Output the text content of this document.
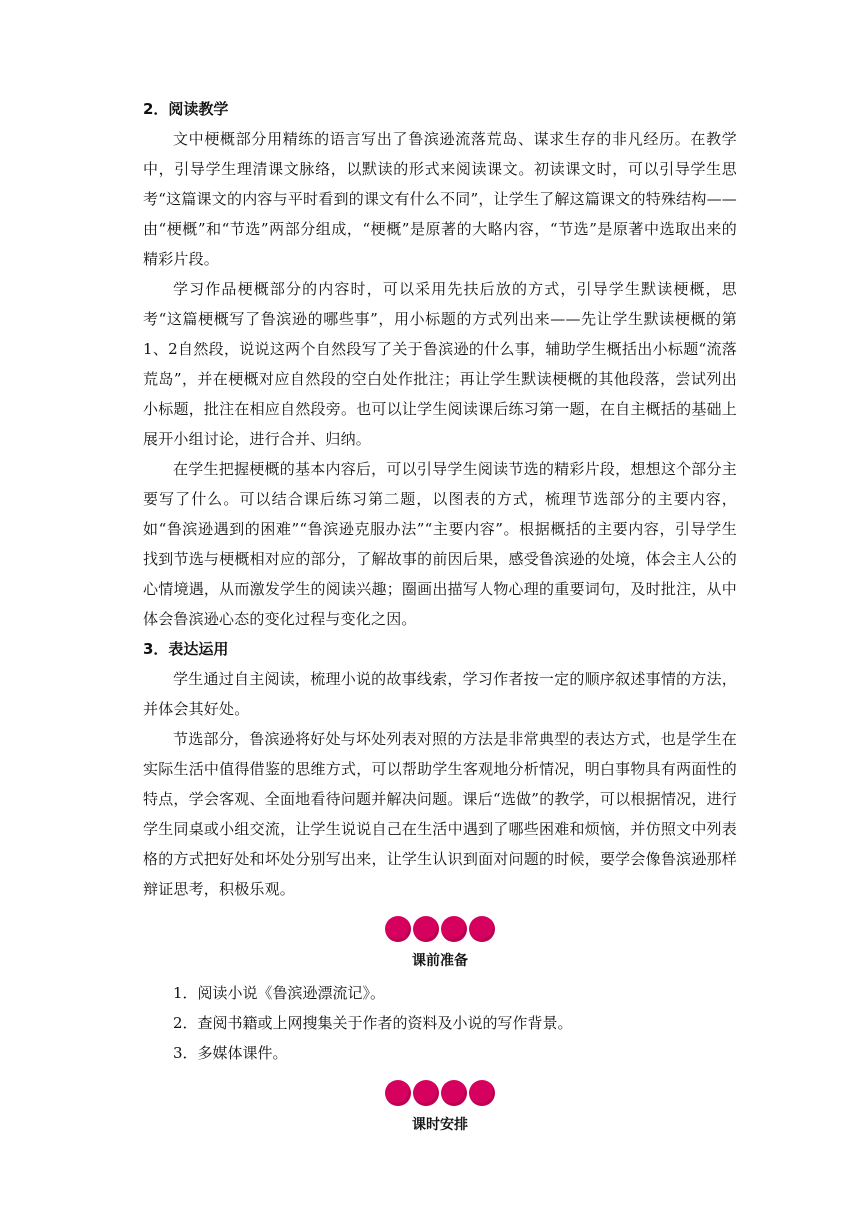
2．阅读教学

文中梗概部分用精练的语言写出了鲁滨逊流落荒岛、谋求生存的非凡经历。在教学中，引导学生理清课文脉络，以默读的形式来阅读课文。初读课文时，可以引导学生思考“这篇课文的内容与平时看到的课文有什么不同”，让学生了解这篇课文的特殊结构——由“梗概”和“节选”两部分组成，“梗概”是原著的大略内容，“节选”是原著中选取出来的精彩片段。

学习作品梗概部分的内容时，可以采用先扶后放的方式，引导学生默读梗概，思考“这篇梗概写了鲁滨逊的哪些事”，用小标题的方式列出来——先让学生默读梗概的第1、2自然段，说说这两个自然段写了关于鲁滨逊的什么事，辅助学生概括出小标题“流落荒岛”，并在梗概对应自然段的空白处作批注；再让学生默读梗概的其他段落，尝试列出小标题，批注在相应自然段旁。也可以让学生阅读课后练习第一题，在自主概括的基础上展开小组讨论，进行合并、归纳。

在学生把握梗概的基本内容后，可以引导学生阅读节选的精彩片段，想想这个部分主要写了什么。可以结合课后练习第二题，以图表的方式，梳理节选部分的主要内容，如“鲁滨逊遇到的困难”“鲁滨逊克服办法”“主要内容”。根据概括的主要内容，引导学生找到节选与梗概相对应的部分，了解故事的前因后果，感受鲁滨逊的处境，体会主人公的心情境遇，从而激发学生的阅读兴趣；圈画出描写人物心理的重要词句，及时批注，从中体会鲁滨逊心态的变化过程与变化之因。

3．表达运用

学生通过自主阅读，梳理小说的故事线索，学习作者按一定的顺序叙述事情的方法，并体会其好处。

节选部分，鲁滨逊将好处与坏处列表对照的方法是非常典型的表达方式，也是学生在实际生活中值得借鉴的思维方式，可以帮助学生客观地分析情况，明白事物具有两面性的特点，学会客观、全面地看待问题并解决问题。课后“选做”的教学，可以根据情况，进行学生同桌或小组交流，让学生说说自己在生活中遇到了哪些困难和烦恼，并仿照文中列表格的方式把好处和坏处分别写出来，让学生认识到面对问题的时候，要学会像鲁滨逊那样辩证思考，积极乐观。

课前准备

1．阅读小说《鲁滨逊漂流记》。

2．查阅书籍或上网搜集关于作者的资料及小说的写作背景。

3．多媒体课件。

课时安排
